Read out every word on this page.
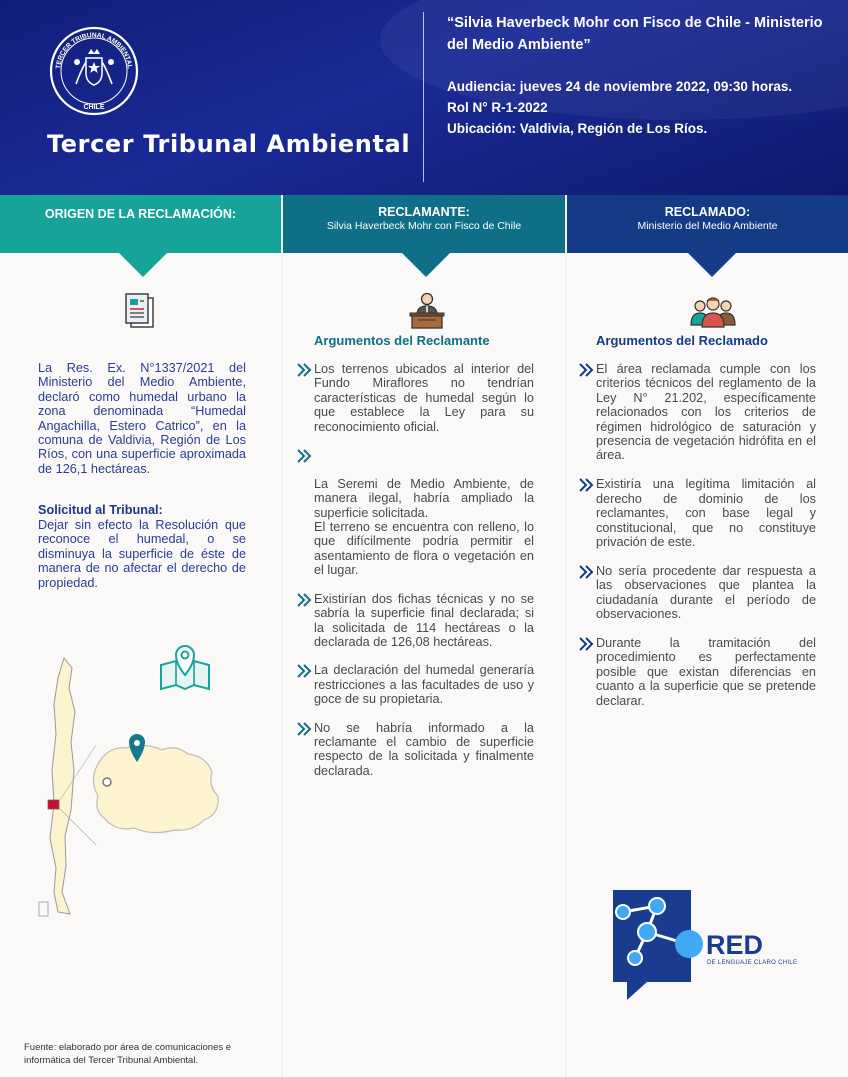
TERCER TRIBUNAL AMBIENTAL
CHILE
Tercer Tribunal Ambiental
“Silvia Haverbeck Mohr con Fisco de Chile - Ministerio del Medio Ambiente”
Audiencia: jueves 24 de noviembre 2022, 09:30 horas.
Rol N° R-1-2022
Ubicación: Valdivia, Región de Los Ríos.
ORIGEN DE LA RECLAMACIÓN:	RECLAMANTE:
Silvia Haverbeck Mohr con Fisco de Chile
RECLAMADO:
Ministerio del Medio Ambiente
La Res. Ex. N°1337/2021 del Ministerio del Medio Ambiente, declaró como humedal urbano la zona denominada “Humedal Angachilla, Estero Catrico”, en la comuna de Valdivia, Región de Los Ríos, con una superficie aproximada de 126,1 hectáreas.
Solicitud al Tribunal:
Dejar sin efecto la Resolución que reconoce el humedal, o se disminuya la superficie de éste de manera de no afectar el derecho de propiedad.
Fuente: elaborado por área de comunicaciones e informática del Tercer Tribunal Ambiental.
Argumentos del Reclamante
Los terrenos ubicados al interior del Fundo Miraflores no tendrían características de humedal según lo que establece la Ley para su reconocimiento oficial.

La Seremi de Medio Ambiente, de manera ilegal, habría ampliado la superficie solicitada.
El terreno se encuentra con relleno, lo que difícilmente podría permitir el asentamiento de flora o vegetación en el lugar.

Existirían dos fichas técnicas y no se sabría la superficie final declarada; si la solicitada de 114 hectáreas o la declarada de 126,08 hectáreas.
La declaración del humedal generaría restricciones a las facultades de uso y goce de su propietaria.
No se habría informado a la reclamante el cambio de superficie respecto de la solicitada y finalmente declarada.
Argumentos del Reclamado
El área reclamada cumple con los criterios técnicos del reglamento de la Ley N° 21.202, específicamente relacionados con los criterios de régimen hidrológico de saturación y presencia de vegetación hidrófita en el área.
Existiría una legítima limitación al derecho de dominio de los reclamantes, con base legal y constitucional, que no constituye privación de este.
No sería procedente dar respuesta a las observaciones que plantea la ciudadanía durante el período de observaciones.
Durante la tramitación del procedimiento es perfectamente posible que existan diferencias en cuanto a la superficie que se pretende declarar.
RED
DE LENGUAJE CLARO CHILE
